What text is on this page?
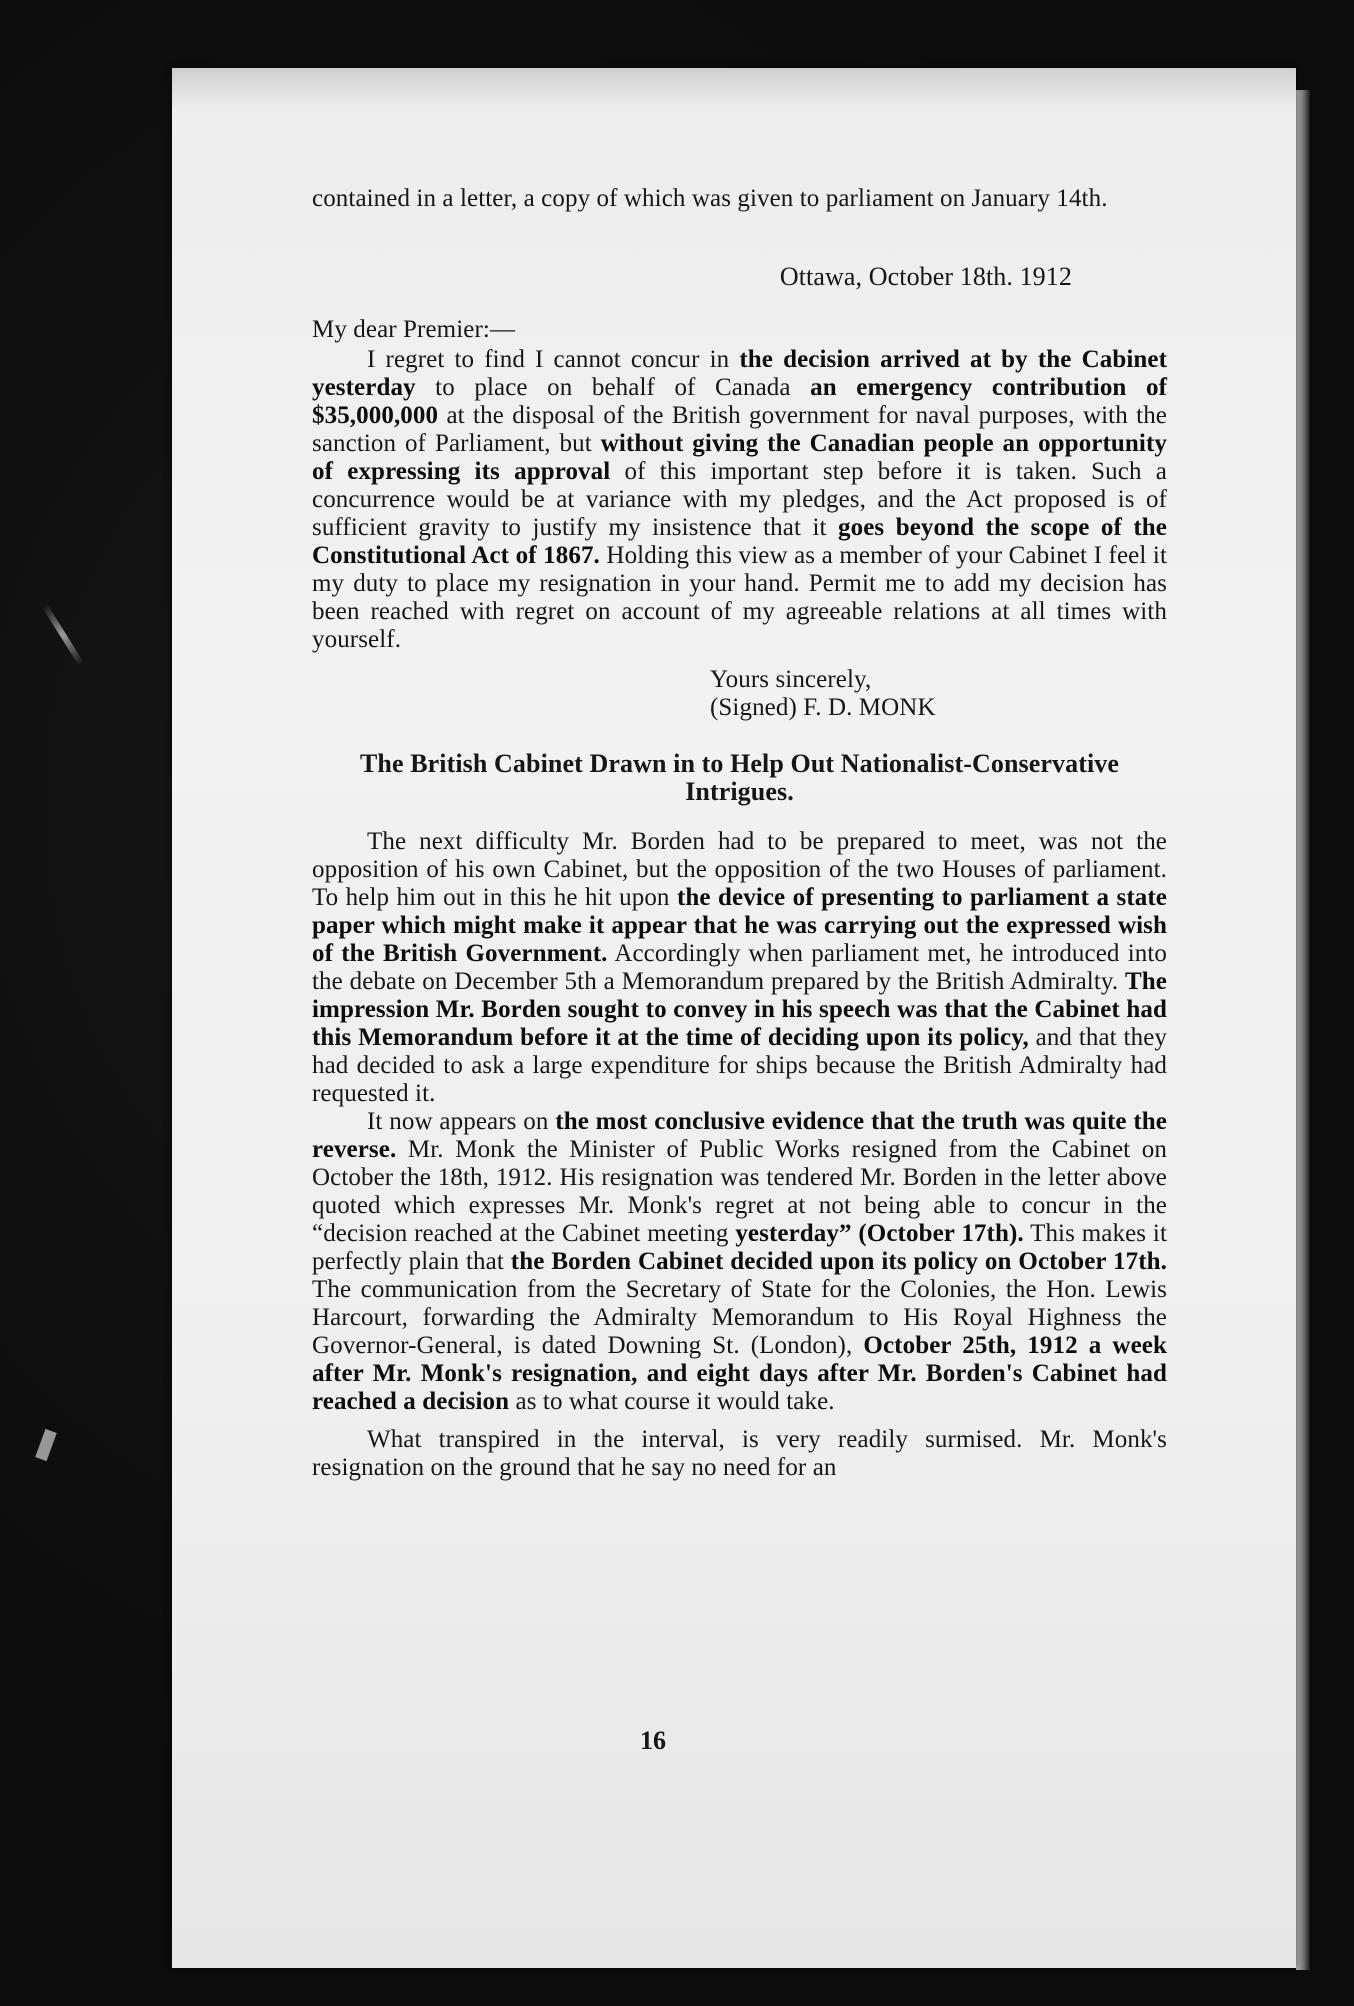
contained in a letter, a copy of which was given to parliament on January 14th.

Ottawa, October 18th. 1912

My dear Premier:—

I regret to find I cannot concur in the decision arrived at by the Cabinet yesterday to place on behalf of Canada an emergency contribution of $35,000,000 at the disposal of the British government for naval purposes, with the sanction of Parliament, but without giving the Canadian people an opportunity of expressing its approval of this important step before it is taken. Such a concurrence would be at variance with my pledges, and the Act proposed is of sufficient gravity to justify my insistence that it goes beyond the scope of the Constitutional Act of 1867. Holding this view as a member of your Cabinet I feel it my duty to place my resignation in your hand. Permit me to add my decision has been reached with regret on account of my agreeable relations at all times with yourself.

Yours sincerely,
(Signed) F. D. MONK

The British Cabinet Drawn in to Help Out Nationalist-Conservative Intrigues.

The next difficulty Mr. Borden had to be prepared to meet, was not the opposition of his own Cabinet, but the opposition of the two Houses of parliament. To help him out in this he hit upon the device of presenting to parliament a state paper which might make it appear that he was carrying out the expressed wish of the British Government. Accordingly when parliament met, he introduced into the debate on December 5th a Memorandum prepared by the British Admiralty. The impression Mr. Borden sought to convey in his speech was that the Cabinet had this Memorandum before it at the time of deciding upon its policy, and that they had decided to ask a large expenditure for ships because the British Admiralty had requested it.

It now appears on the most conclusive evidence that the truth was quite the reverse. Mr. Monk the Minister of Public Works resigned from the Cabinet on October the 18th, 1912. His resignation was tendered Mr. Borden in the letter above quoted which expresses Mr. Monk's regret at not being able to concur in the “decision reached at the Cabinet meeting yesterday” (October 17th). This makes it perfectly plain that the Borden Cabinet decided upon its policy on October 17th. The communication from the Secretary of State for the Colonies, the Hon. Lewis Harcourt, forwarding the Admiralty Memorandum to His Royal Highness the Governor-General, is dated Downing St. (London), October 25th, 1912 a week after Mr. Monk's resignation, and eight days after Mr. Borden's Cabinet had reached a decision as to what course it would take.

What transpired in the interval, is very readily surmised. Mr. Monk's resignation on the ground that he say no need for an

16
